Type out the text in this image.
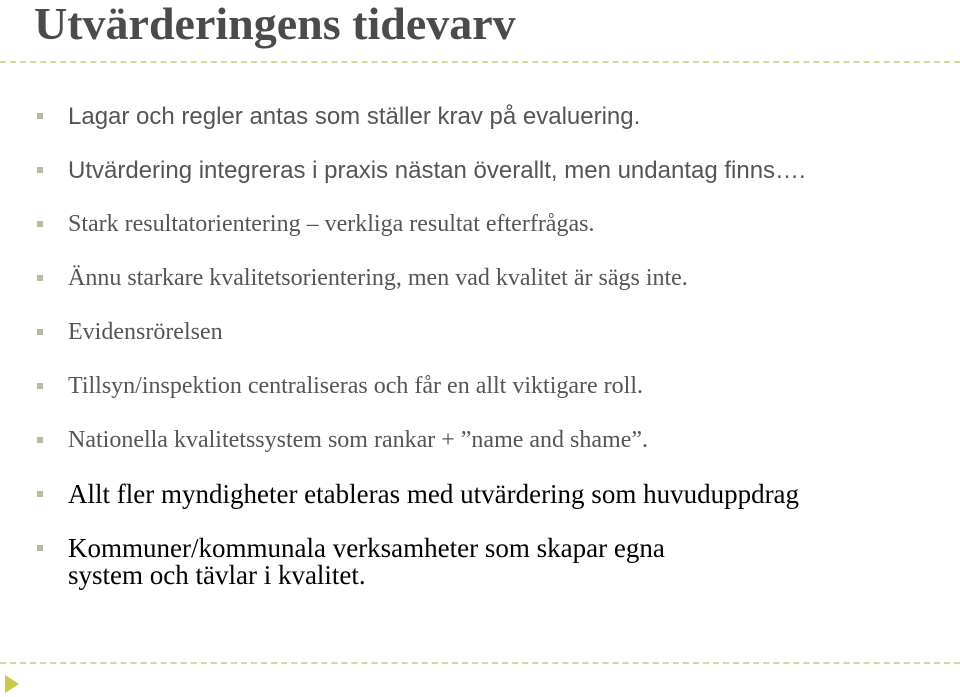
Utvärderingens tidevarv
Lagar och regler antas som ställer krav på evaluering.
Utvärdering integreras i praxis nästan överallt, men undantag finns….
Stark resultatorientering – verkliga resultat efterfrågas.
Ännu starkare kvalitetsorientering, men vad kvalitet är sägs inte.
Evidensrörelsen
Tillsyn/inspektion centraliseras och får en allt viktigare roll.
Nationella kvalitetssystem som rankar + ”name and shame”.
Allt fler myndigheter etableras med utvärdering som huvuduppdrag
Kommuner/kommunala verksamheter som skapar egna
system och tävlar i kvalitet.
